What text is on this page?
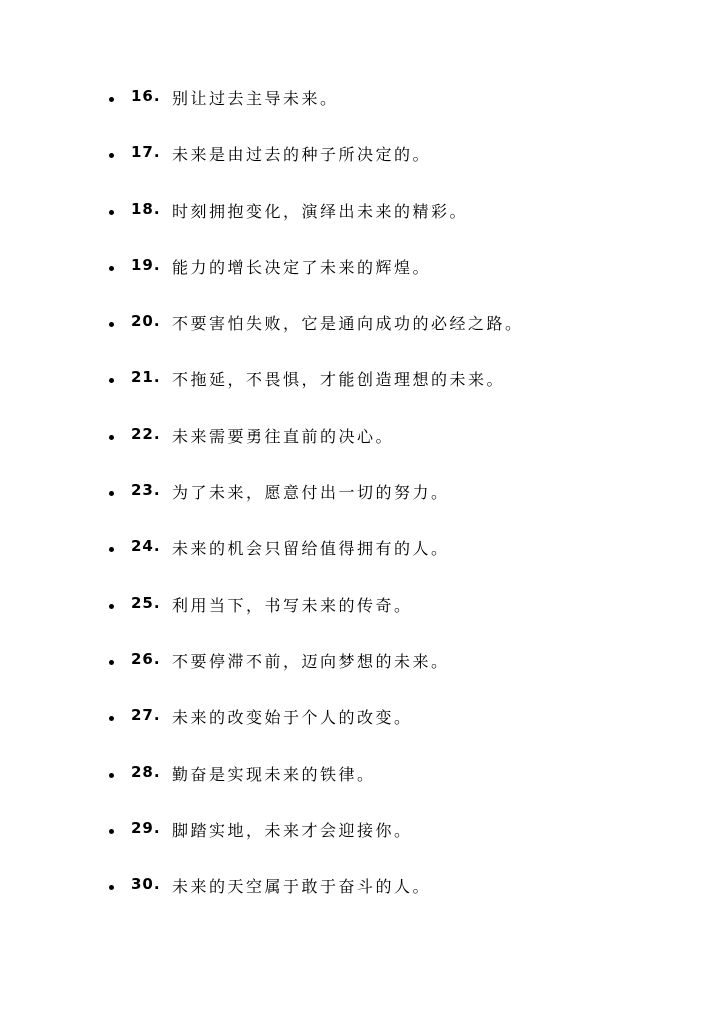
16. 别让过去主导未来。
17. 未来是由过去的种子所决定的。
18. 时刻拥抱变化，演绎出未来的精彩。
19. 能力的增长决定了未来的辉煌。
20. 不要害怕失败，它是通向成功的必经之路。
21. 不拖延，不畏惧，才能创造理想的未来。
22. 未来需要勇往直前的决心。
23. 为了未来，愿意付出一切的努力。
24. 未来的机会只留给值得拥有的人。
25. 利用当下，书写未来的传奇。
26. 不要停滞不前，迈向梦想的未来。
27. 未来的改变始于个人的改变。
28. 勤奋是实现未来的铁律。
29. 脚踏实地，未来才会迎接你。
30. 未来的天空属于敢于奋斗的人。
